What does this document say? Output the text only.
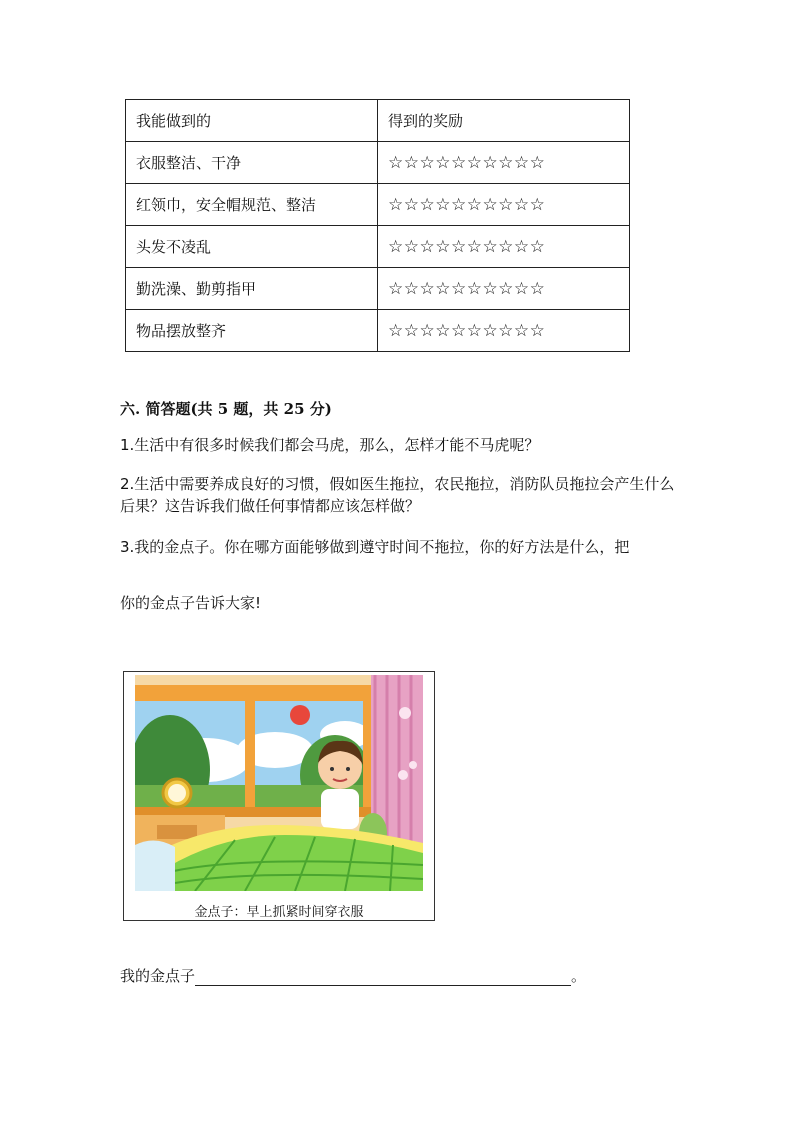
我能做到的	得到的奖励
衣服整洁、干净	☆☆☆☆☆☆☆☆☆☆
红领巾，安全帽规范、整洁	☆☆☆☆☆☆☆☆☆☆
头发不凌乱	☆☆☆☆☆☆☆☆☆☆
勤洗澡、勤剪指甲	☆☆☆☆☆☆☆☆☆☆
物品摆放整齐	☆☆☆☆☆☆☆☆☆☆
六. 简答题(共 5 题，共 25 分)
1.生活中有很多时候我们都会马虎，那么，怎样才能不马虎呢？
2.生活中需要养成良好的习惯，假如医生拖拉，农民拖拉，消防队员拖拉会产生什么后果？这告诉我们做任何事情都应该怎样做？
3.我的金点子。你在哪方面能够做到遵守时间不拖拉，你的好方法是什么，把
你的金点子告诉大家!
金点子：早上抓紧时间穿衣服
我的金点子	。
